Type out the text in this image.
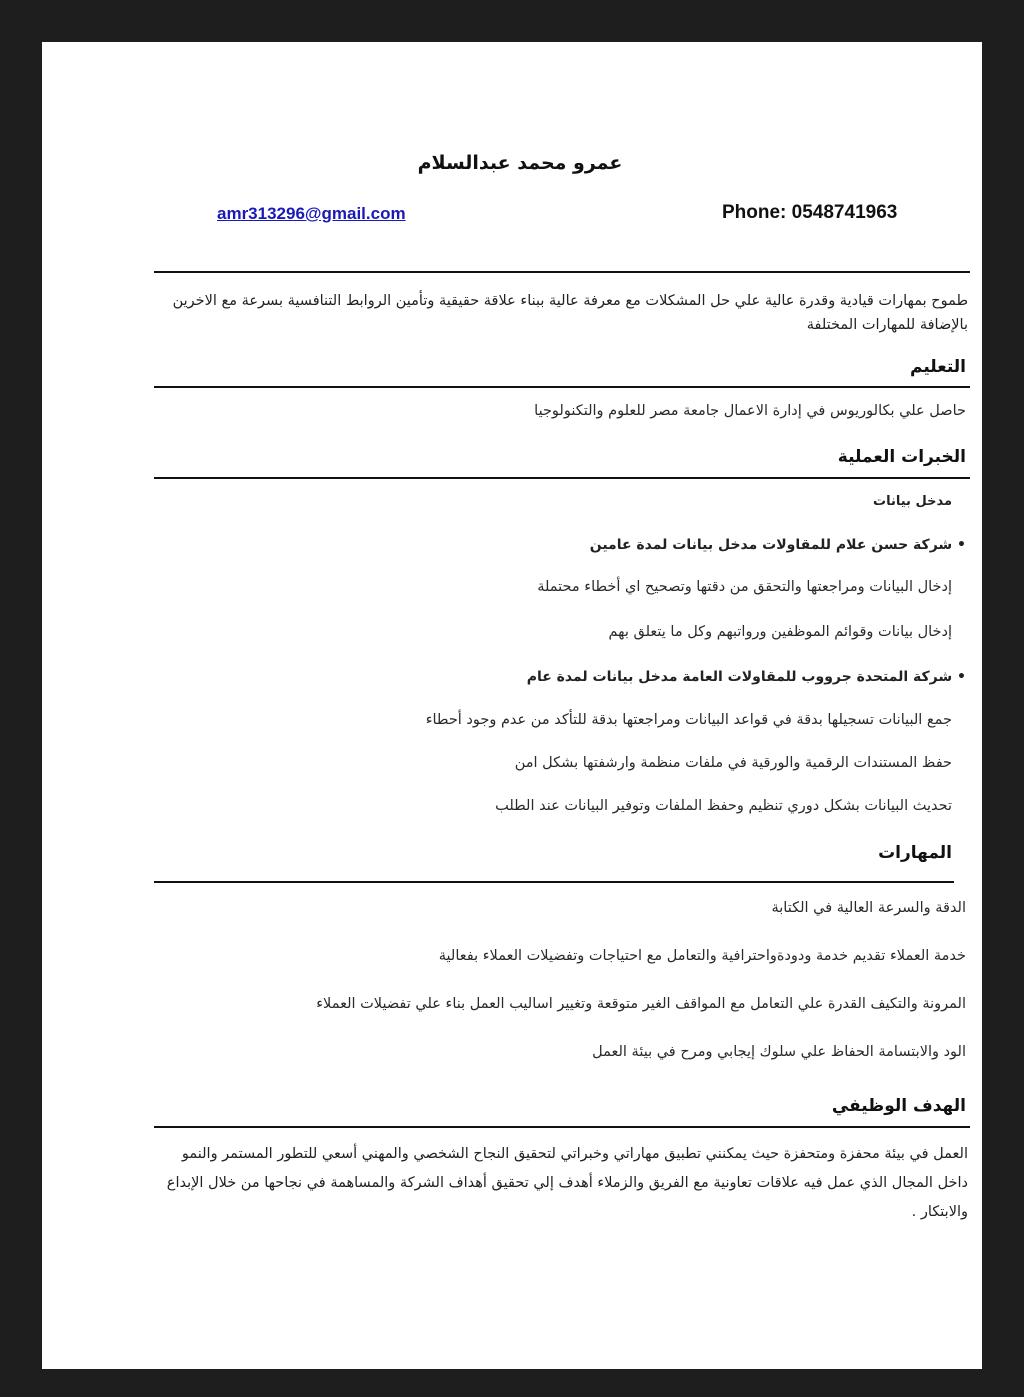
عمرو محمد عبدالسلام
amr313296@gmail.com	Phone: 0548741963
طموح بمهارات قيادية وقدرة عالية علي حل المشكلات مع معرفة عالية ببناء علاقة حقيقية وتأمين الروابط التنافسية بسرعة مع الاخرين بالإضافة للمهارات المختلفة
التعليم
حاصل علي بكالوريوس في إدارة الاعمال جامعة مصر للعلوم والتكنولوجيا
الخبرات العملية
مدخل بيانات
• شركة حسن علام للمقاولات مدخل بيانات لمدة عامين
إدخال البيانات ومراجعتها والتحقق من دقتها وتصحيح اي أخطاء محتملة
إدخال بيانات وقوائم الموظفين ورواتبهم وكل ما يتعلق بهم
• شركة المتحدة جرووب للمقاولات العامة مدخل بيانات لمدة عام
جمع البيانات تسجيلها بدقة في قواعد البيانات ومراجعتها بدقة للتأكد من عدم وجود أحطاء
حفظ المستندات الرقمية والورقية في ملفات منظمة وارشفتها بشكل امن
تحديث البيانات بشكل دوري تنظيم وحفظ الملفات وتوفير البيانات عند الطلب
المهارات
الدقة والسرعة العالية في الكتابة
خدمة العملاء تقديم خدمة ودودةواحترافية والتعامل مع احتياجات وتفضيلات العملاء بفعالية
المرونة والتكيف القدرة علي التعامل مع المواقف الغير متوقعة وتغيير اساليب العمل بناء علي تفضيلات العملاء
الود والابتسامة الحفاظ علي سلوك إيجابي ومرح في بيئة العمل
الهدف الوظيفي
العمل في بيئة محفزة ومتحفزة حيث يمكنني تطبيق مهاراتي وخبراتي لتحقيق النجاح الشخصي والمهني أسعي للتطور المستمر والنمو داخل المجال الذي عمل فيه علاقات تعاونية مع الفريق والزملاء أهدف إلي تحقيق أهداف الشركة والمساهمة في نجاحها من خلال الإبداع والابتكار .
